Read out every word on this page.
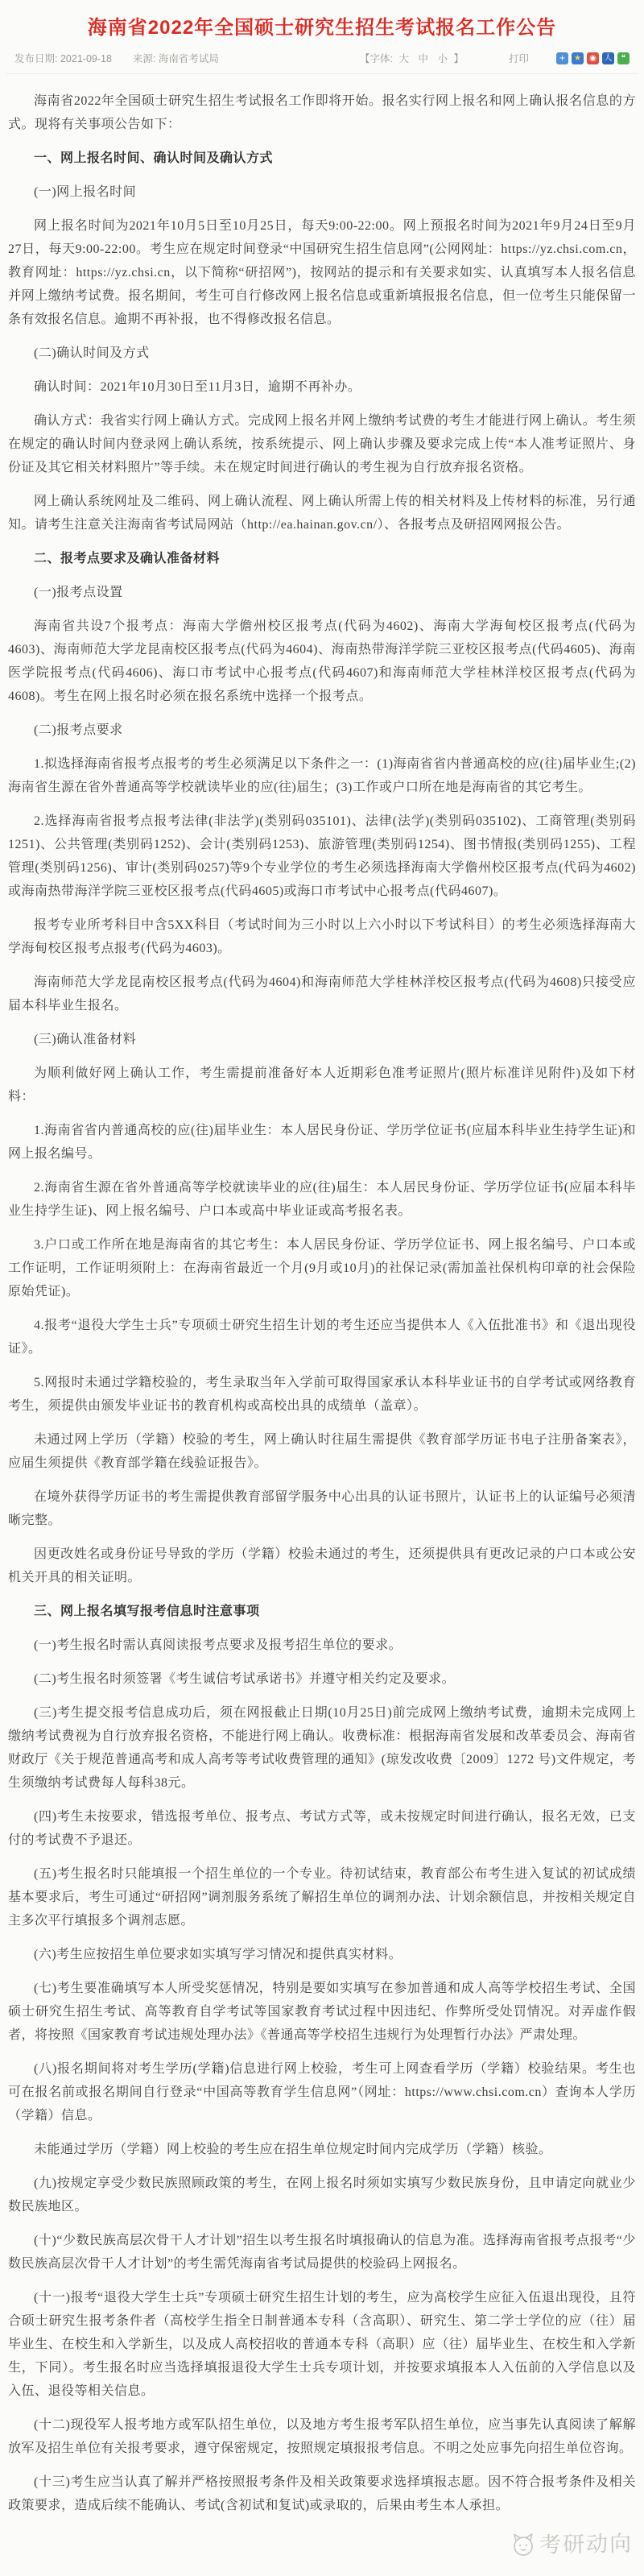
海南省2022年全国硕士研究生招生考试报名工作公告
发布日期: 2021-09-18 来源: 海南省考试局	【字体: 大 中 小 】	打印	+	★	◉ 人	❝

海南省2022年全国硕士研究生招生考试报名工作即将开始。报名实行网上报名和网上确认报名信息的方式。现将有关事项公告如下：

一、网上报名时间、确认时间及确认方式

(一)网上报名时间

网上报名时间为2021年10月5日至10月25日，每天9:00-22:00。网上预报名时间为2021年9月24日至9月27日，每天9:00-22:00。考生应在规定时间登录“中国研究生招生信息网”(公网网址：https://yz.chsi.com.cn，教育网址：https://yz.chsi.cn，以下简称“研招网”)，按网站的提示和有关要求如实、认真填写本人报名信息并网上缴纳考试费。报名期间，考生可自行修改网上报名信息或重新填报报名信息，但一位考生只能保留一条有效报名信息。逾期不再补报，也不得修改报名信息。

(二)确认时间及方式

确认时间：2021年10月30日至11月3日，逾期不再补办。

确认方式：我省实行网上确认方式。完成网上报名并网上缴纳考试费的考生才能进行网上确认。考生须在规定的确认时间内登录网上确认系统，按系统提示、网上确认步骤及要求完成上传“本人准考证照片、身份证及其它相关材料照片”等手续。未在规定时间进行确认的考生视为自行放弃报名资格。

网上确认系统网址及二维码、网上确认流程、网上确认所需上传的相关材料及上传材料的标准，另行通知。请考生注意关注海南省考试局网站（http://ea.hainan.gov.cn/）、各报考点及研招网网报公告。

二、报考点要求及确认准备材料

(一)报考点设置

海南省共设7个报考点：海南大学儋州校区报考点(代码为4602)、海南大学海甸校区报考点(代码为4603)、海南师范大学龙昆南校区报考点(代码为4604)、海南热带海洋学院三亚校区报考点(代码4605)、海南医学院报考点(代码4606)、海口市考试中心报考点(代码4607)和海南师范大学桂林洋校区报考点(代码为4608)。考生在网上报名时必须在报名系统中选择一个报考点。

(二)报考点要求

1.拟选择海南省报考点报考的考生必须满足以下条件之一：(1)海南省省内普通高校的应(往)届毕业生;(2)海南省生源在省外普通高等学校就读毕业的应(往)届生；(3)工作或户口所在地是海南省的其它考生。

2.选择海南省报考点报考法律(非法学)(类别码035101)、法律(法学)(类别码035102)、工商管理(类别码1251)、公共管理(类别码1252)、会计(类别码1253)、旅游管理(类别码1254)、图书情报(类别码1255)、工程管理(类别码1256)、审计(类别码0257)等9个专业学位的考生必须选择海南大学儋州校区报考点(代码为4602)或海南热带海洋学院三亚校区报考点(代码4605)或海口市考试中心报考点(代码4607)。

报考专业所考科目中含5XX科目（考试时间为三小时以上六小时以下考试科目）的考生必须选择海南大学海甸校区报考点报考(代码为4603)。

海南师范大学龙昆南校区报考点(代码为4604)和海南师范大学桂林洋校区报考点(代码为4608)只接受应届本科毕业生报名。

(三)确认准备材料

为顺利做好网上确认工作，考生需提前准备好本人近期彩色准考证照片(照片标准详见附件)及如下材料：

1.海南省省内普通高校的应(往)届毕业生：本人居民身份证、学历学位证书(应届本科毕业生持学生证)和网上报名编号。

2.海南省生源在省外普通高等学校就读毕业的应(往)届生：本人居民身份证、学历学位证书(应届本科毕业生持学生证)、网上报名编号、户口本或高中毕业证或高考报名表。

3.户口或工作所在地是海南省的其它考生：本人居民身份证、学历学位证书、网上报名编号、户口本或工作证明，工作证明须附上：在海南省最近一个月(9月或10月)的社保记录(需加盖社保机构印章的社会保险原始凭证)。

4.报考“退役大学生士兵”专项硕士研究生招生计划的考生还应当提供本人《入伍批准书》和《退出现役证》。

5.网报时未通过学籍校验的，考生录取当年入学前可取得国家承认本科毕业证书的自学考试或网络教育考生，须提供由颁发毕业证书的教育机构或高校出具的成绩单（盖章）。

未通过网上学历（学籍）校验的考生，网上确认时往届生需提供《教育部学历证书电子注册备案表》，应届生须提供《教育部学籍在线验证报告》。

在境外获得学历证书的考生需提供教育部留学服务中心出具的认证书照片，认证书上的认证编号必须清晰完整。

因更改姓名或身份证号导致的学历（学籍）校验未通过的考生，还须提供具有更改记录的户口本或公安机关开具的相关证明。

三、网上报名填写报考信息时注意事项

(一)考生报名时需认真阅读报考点要求及报考招生单位的要求。

(二)考生报名时须签署《考生诚信考试承诺书》并遵守相关约定及要求。

(三)考生提交报考信息成功后，须在网报截止日期(10月25日)前完成网上缴纳考试费，逾期未完成网上缴纳考试费视为自行放弃报名资格，不能进行网上确认。收费标准：根据海南省发展和改革委员会、海南省财政厅《关于规范普通高考和成人高考等考试收费管理的通知》(琼发改收费〔2009〕1272 号)文件规定，考生须缴纳考试费每人每科38元。

(四)考生未按要求，错选报考单位、报考点、考试方式等，或未按规定时间进行确认，报名无效，已支付的考试费不予退还。

(五)考生报名时只能填报一个招生单位的一个专业。待初试结束，教育部公布考生进入复试的初试成绩基本要求后，考生可通过“研招网”调剂服务系统了解招生单位的调剂办法、计划余额信息，并按相关规定自主多次平行填报多个调剂志愿。

(六)考生应按招生单位要求如实填写学习情况和提供真实材料。

(七)考生要准确填写本人所受奖惩情况，特别是要如实填写在参加普通和成人高等学校招生考试、全国硕士研究生招生考试、高等教育自学考试等国家教育考试过程中因违纪、作弊所受处罚情况。对弄虚作假者，将按照《国家教育考试违规处理办法》《普通高等学校招生违规行为处理暂行办法》严肃处理。

(八)报名期间将对考生学历(学籍)信息进行网上校验，考生可上网查看学历（学籍）校验结果。考生也可在报名前或报名期间自行登录“中国高等教育学生信息网”（网址：https://www.chsi.com.cn）查询本人学历（学籍）信息。

未能通过学历（学籍）网上校验的考生应在招生单位规定时间内完成学历（学籍）核验。

(九)按规定享受少数民族照顾政策的考生，在网上报名时须如实填写少数民族身份，且申请定向就业少数民族地区。

(十)“少数民族高层次骨干人才计划”招生以考生报名时填报确认的信息为准。选择海南省报考点报考“少数民族高层次骨干人才计划”的考生需凭海南省考试局提供的校验码上网报名。

(十一)报考“退役大学生士兵”专项硕士研究生招生计划的考生，应为高校学生应征入伍退出现役，且符合硕士研究生报考条件者（高校学生指全日制普通本专科（含高职）、研究生、第二学士学位的应（往）届毕业生、在校生和入学新生，以及成人高校招收的普通本专科（高职）应（往）届毕业生、在校生和入学新生，下同）。考生报名时应当选择填报退役大学生士兵专项计划，并按要求填报本人入伍前的入学信息以及入伍、退役等相关信息。

(十二)现役军人报考地方或军队招生单位，以及地方考生报考军队招生单位，应当事先认真阅读了解解放军及招生单位有关报考要求，遵守保密规定，按照规定填报报考信息。不明之处应事先向招生单位咨询。

(十三)考生应当认真了解并严格按照报考条件及相关政策要求选择填报志愿。因不符合报考条件及相关政策要求，造成后续不能确认、考试(含初试和复试)或录取的，后果由考生本人承担。

考研动向
